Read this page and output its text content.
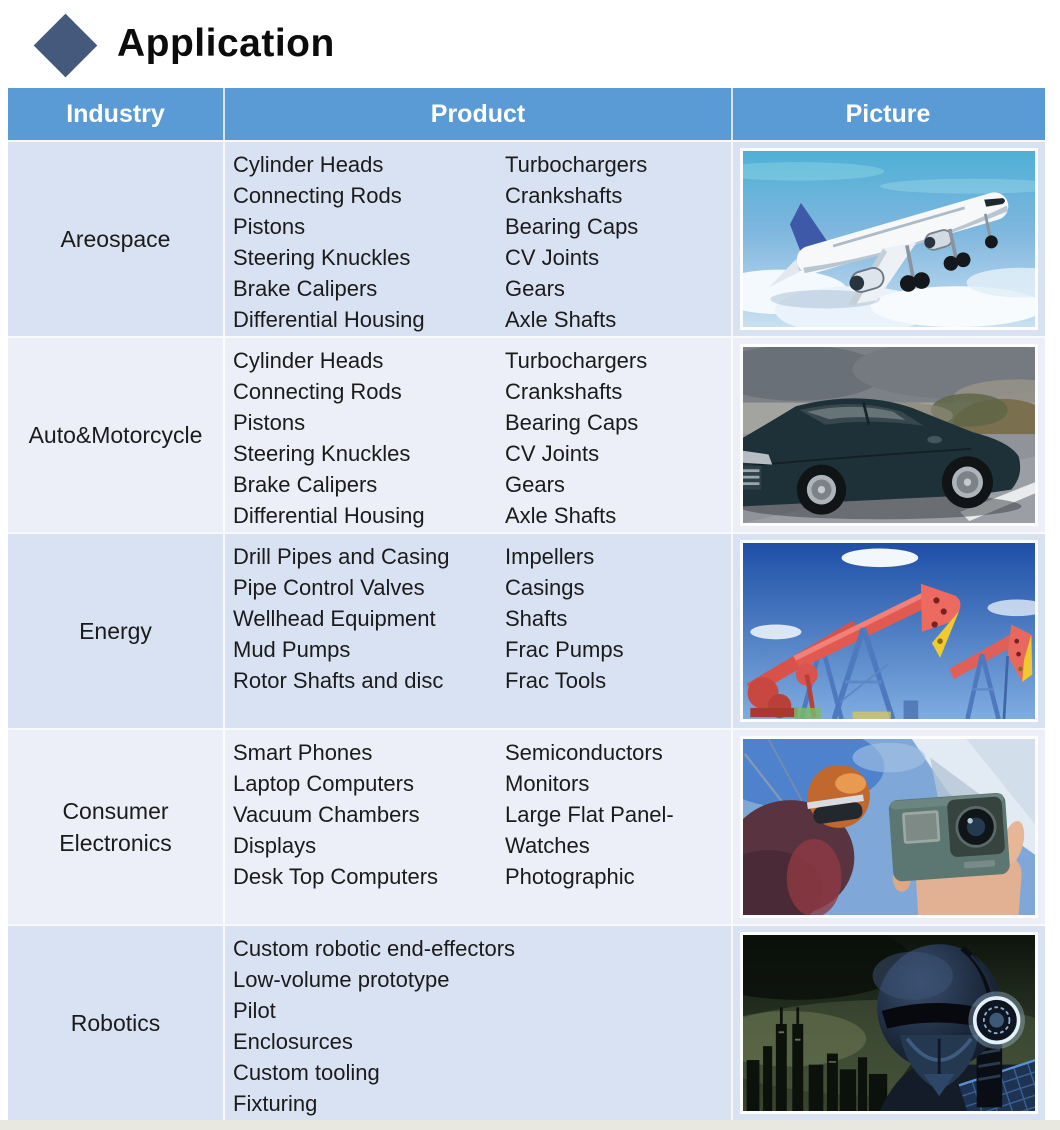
Application
Industry	Product	Picture
Areospace
Cylinder Heads
Connecting Rods
Pistons
Steering Knuckles
Brake Calipers
Differential Housing
Turbochargers
Crankshafts
Bearing Caps
CV Joints
Gears
Axle Shafts
Auto&Motorcycle
Cylinder Heads
Connecting Rods
Pistons
Steering Knuckles
Brake Calipers
Differential Housing
Turbochargers
Crankshafts
Bearing Caps
CV Joints
Gears
Axle Shafts
Energy
Drill Pipes and Casing
Pipe Control Valves
Wellhead Equipment
Mud Pumps
Rotor Shafts and disc
Impellers
Casings
Shafts
Frac Pumps
Frac Tools
Consumer Electronics
Smart Phones
Laptop Computers
Vacuum Chambers
Displays
Desk Top Computers
Semiconductors
Monitors
Large Flat Panel-
Watches
Photographic
Robotics
Custom robotic end-effectors
Low-volume prototype
Pilot
Enclosurces
Custom tooling
Fixturing
